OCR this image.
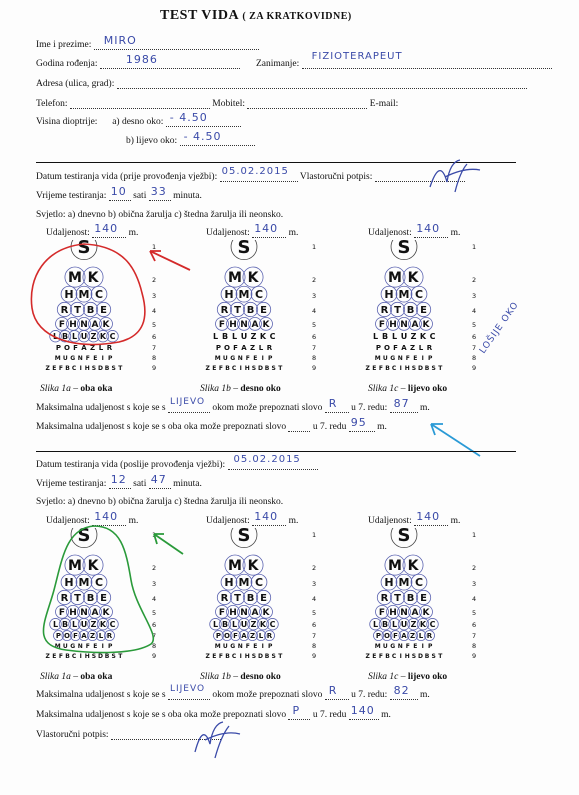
TEST VIDA ( ZA KRATKOVIDNE)
Ime i prezime: MIRO
Godina rođenja:	1986	Zanimanje:
FIZIOTERAPEUT
Adresa (ulica, grad):
Telefon:	Mobitel:	E-mail:
Visina dioptrije: a) desno oko: - 4.50
b) lijevo oko: - 4.50
Datum testiranja vida (prije provođenja vježbi): 05.02.2015 Vlastoručni potpis:
Vrijeme testiranja: 10 sati 33 minuta.
Svjetlo: a) dnevno b) obična žarulja c) štedna žarulja ili neonsko.
Udaljenost: 140 m.	Udaljenost: 140 m.	Udaljenost: 140 m.
S	1
M K	2
H M C	3
R T B E	4
F H N A K	5
L B L U Z K C	6
P O F A Z L R	7
M U G N F E I P	8
Z E F B C I H S D B S T	9
S	1
M K	2
H M C	3
R T B E	4
F H N A K	5
L B L U Z K C	6
P O F A Z L R	7
M U G N F E I P	8
Z E F B C I H S D B S T	9
S	1
M K	2
H M C	3
R T B E	4
F H N A K	5
L B L U Z K C	6
P O F A Z L R	7
M U G N F E I P	8
Z E F B C I H S D B S T	9
Slika 1a – oba oka	Slika 1b – desno oko	Slika 1c – lijevo oko
LOŠIJE OKO
Maksimalna udaljenost s koje se s
LIJEVO
okom može prepoznati slovo R u 7. redu: 87 m.
Maksimalna udaljenost s koje se s oba oka može prepoznati slovo	u 7. redu 95 m.
Datum testiranja vida (poslije provođenja vježbi): 05.02.2015
Vrijeme testiranja: 12 sati 47 minuta.
Svjetlo: a) dnevno b) obična žarulja c) štedna žarulja ili neonsko.
Udaljenost: 140 m.	Udaljenost: 140 m.	Udaljenost: 140 m.
S	1
M K	2
H M C	3
R T B E	4
F H N A K	5
L B L U Z K C	6
P O F A Z L R	7
M U G N F E I P	8
Z E F B C I H S D B S T	9
S	1
M K	2
H M C	3
R T B E	4
F H N A K	5
L B L U Z K C	6
P O F A Z L R	7
M U G N F E I P	8
Z E F B C I H S D B S T	9
S	1
M K	2
H M C	3
R T B E	4
F H N A K	5
L B L U Z K C	6
P O F A Z L R	7
M U G N F E I P	8
Z E F B C I H S D B S T	9
Slika 1a – oba oka	Slika 1b – desno oko	Slika 1c – lijevo oko
Maksimalna udaljenost s koje se s
LIJEVO
okom može prepoznati slovo R u 7. redu: 82 m.
Maksimalna udaljenost s koje se s oba oka može prepoznati slovo P u 7. redu 140 m.
Vlastoručni potpis:
